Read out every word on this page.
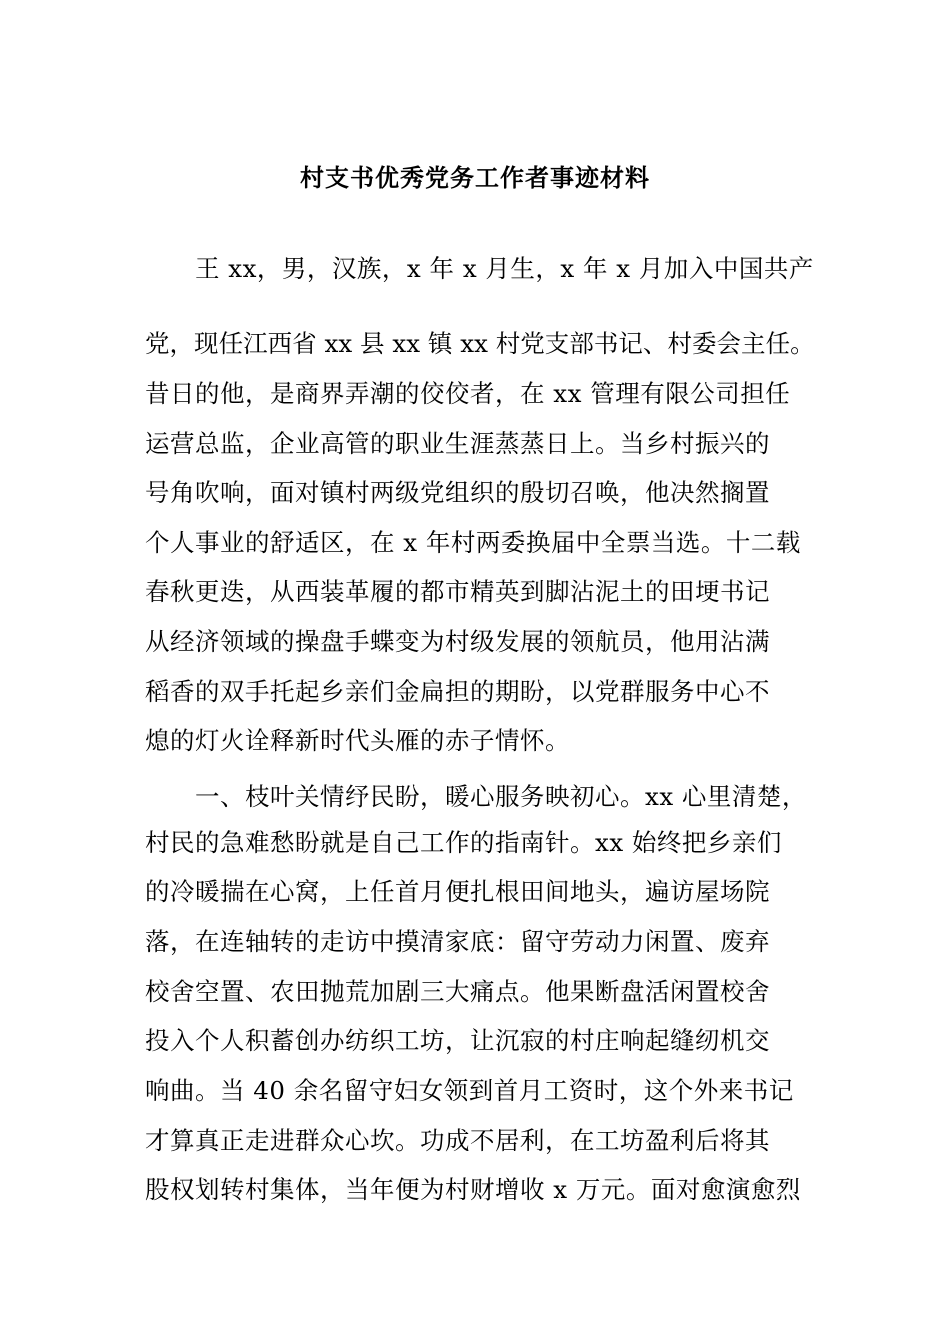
村支书优秀党务工作者事迹材料
王 xx，男，汉族，x 年 x 月生，x 年 x 月加入中国共产
党，现任江西省 xx 县 xx 镇 xx 村党支部书记、村委会主任。
昔日的他，是商界弄潮的佼佼者，在 xx 管理有限公司担任
运营总监，企业高管的职业生涯蒸蒸日上。当乡村振兴的
号角吹响，面对镇村两级党组织的殷切召唤，他决然搁置
个人事业的舒适区，在 x 年村两委换届中全票当选。十二载
春秋更迭，从西装革履的都市精英到脚沾泥土的田埂书记
从经济领域的操盘手蝶变为村级发展的领航员，他用沾满
稻香的双手托起乡亲们金扁担的期盼，以党群服务中心不
熄的灯火诠释新时代头雁的赤子情怀。
一、枝叶关情纾民盼，暖心服务映初心。xx 心里清楚，
村民的急难愁盼就是自己工作的指南针。xx 始终把乡亲们
的冷暖揣在心窝，上任首月便扎根田间地头，遍访屋场院
落，在连轴转的走访中摸清家底：留守劳动力闲置、废弃
校舍空置、农田抛荒加剧三大痛点。他果断盘活闲置校舍
投入个人积蓄创办纺织工坊，让沉寂的村庄响起缝纫机交
响曲。当 40 余名留守妇女领到首月工资时，这个外来书记
才算真正走进群众心坎。功成不居利，在工坊盈利后将其
股权划转村集体，当年便为村财增收 x 万元。面对愈演愈烈
